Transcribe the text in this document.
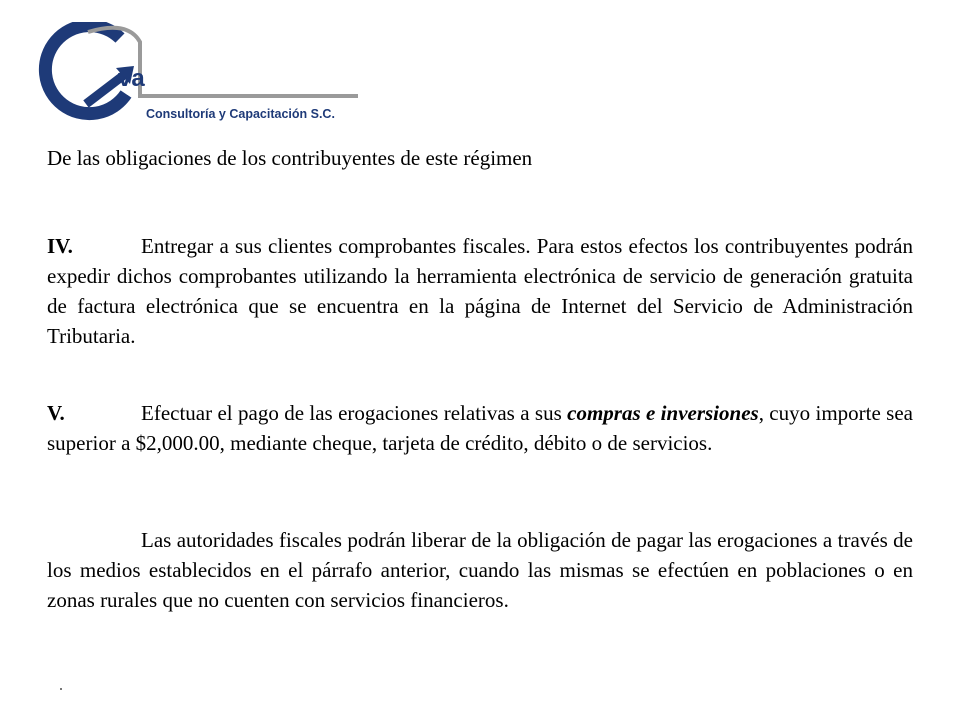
va
Consultoría y Capacitación S.C.
De las obligaciones de los contribuyentes de este régimen

IV.	Entregar a sus clientes comprobantes fiscales. Para estos efectos los contribuyentes podrán expedir dichos comprobantes utilizando la herramienta electrónica de servicio de generación gratuita de factura electrónica que se encuentra en la página de Internet del Servicio de Administración Tributaria.

V.	Efectuar el pago de las erogaciones relativas a sus compras e inversiones, cuyo importe sea superior a $2,000.00, mediante cheque, tarjeta de crédito, débito o de servicios.

Las autoridades fiscales podrán liberar de la obligación de pagar las erogaciones a través de los medios establecidos en el párrafo anterior, cuando las mismas se efectúen en poblaciones o en zonas rurales que no cuenten con servicios financieros.
